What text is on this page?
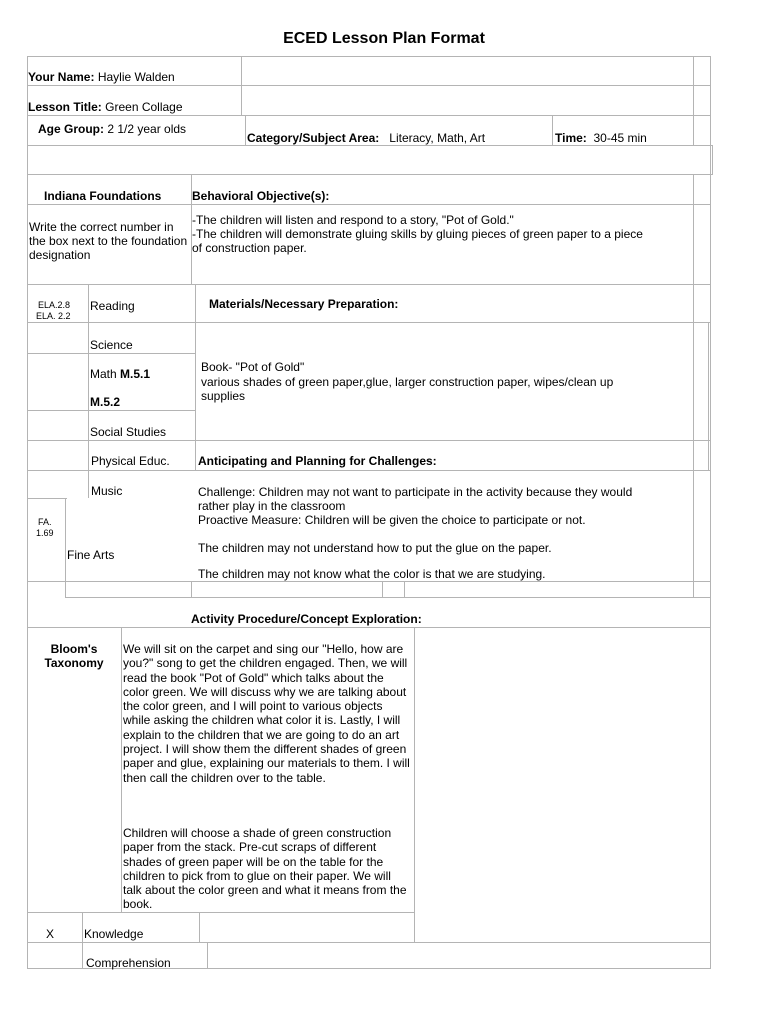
ECED Lesson Plan Format
Your Name: Haylie Walden
Lesson Title: Green Collage
Age Group: 2 1/2 year olds
Category/Subject Area: Literacy, Math, Art	Time: 30-45 min
Indiana Foundations
Write the correct number in the box next to the foundation designation
Behavioral Objective(s):
-The children will listen and respond to a story, "Pot of Gold."
-The children will demonstrate gluing skills by gluing pieces of green paper to a piece
of construction paper.
ELA.2.8
ELA. 2.2
Reading
Science
Math M.5.1
M.5.2
Social Studies
Physical Educ.
Music
FA.
1.69
Fine Arts
Materials/Necessary Preparation:
Book- "Pot of Gold"
various shades of green paper,glue, larger construction paper, wipes/clean up
supplies
Anticipating and Planning for Challenges:
Challenge: Children may not want to participate in the activity because they would
rather play in the classroom
Proactive Measure: Children will be given the choice to participate or not.
The children may not understand how to put the glue on the paper.
The children may not know what the color is that we are studying.
Activity Procedure/Concept Exploration:
Bloom's
Taxonomy
We will sit on the carpet and sing our "Hello, how are you?" song to get the children engaged. Then, we will read the book "Pot of Gold" which talks about the color green. We will discuss why we are talking about the color green, and I will point to various objects while asking the children what color it is. Lastly, I will explain to the children that we are going to do an art project. I will show them the different shades of green paper and glue, explaining our materials to them. I will then call the children over to the table.
Children will choose a shade of green construction paper from the stack. Pre-cut scraps of different shades of green paper will be on the table for the children to pick from to glue on their paper. We will talk about the color green and what it means from the book.
X Knowledge
Comprehension
